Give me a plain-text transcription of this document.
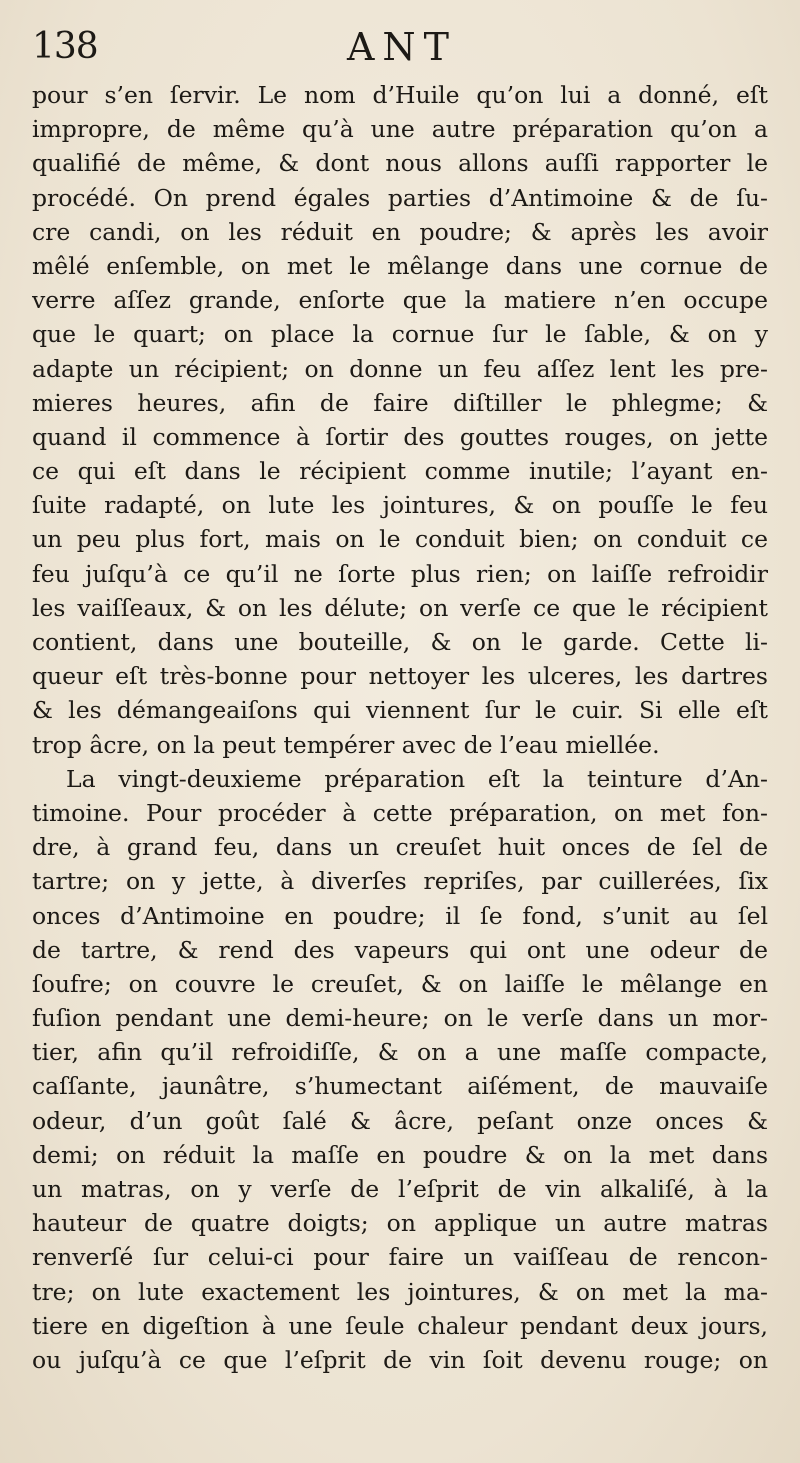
138	ANT
pour s’en ſervir. Le nom d’Huile qu’on lui a donné, eſt
impropre, de même qu’à une autre préparation qu’on a
qualifié de même, & dont nous allons auſſi rapporter le
procédé. On prend égales parties d’Antimoine & de ſu-
cre candi, on les réduit en poudre; & après les avoir
mêlé enſemble, on met le mêlange dans une cornue de
verre aſſez grande, enſorte que la matiere n’en occupe
que le quart; on place la cornue ſur le ſable, & on y
adapte un récipient; on donne un feu aſſez lent les pre-
mieres heures, afin de faire diſtiller le phlegme; &
quand il commence à ſortir des gouttes rouges, on jette
ce qui eſt dans le récipient comme inutile; l’ayant en-
ſuite radapté, on lute les jointures, & on pouſſe le feu
un peu plus fort, mais on le conduit bien; on conduit ce
feu juſqu’à ce qu’il ne ſorte plus rien; on laiſſe refroidir
les vaiſſeaux, & on les délute; on verſe ce que le récipient
contient, dans une bouteille, & on le garde. Cette li-
queur eſt très-bonne pour nettoyer les ulceres, les dartres
& les démangeaiſons qui viennent ſur le cuir. Si elle eſt
trop âcre, on la peut tempérer avec de l’eau miellée.
La vingt-deuxieme préparation eſt la teinture d’An-
timoine. Pour procéder à cette préparation, on met fon-
dre, à grand feu, dans un creuſet huit onces de ſel de
tartre; on y jette, à diverſes repriſes, par cuillerées, ſix
onces d’Antimoine en poudre; il ſe fond, s’unit au ſel
de tartre, & rend des vapeurs qui ont une odeur de
ſoufre; on couvre le creuſet, & on laiſſe le mêlange en
fuſion pendant une demi-heure; on le verſe dans un mor-
tier, afin qu’il refroidiſſe, & on a une maſſe compacte,
caſſante, jaunâtre, s’humectant aiſément, de mauvaiſe
odeur, d’un goût ſalé & âcre, peſant onze onces &
demi; on réduit la maſſe en poudre & on la met dans
un matras, on y verſe de l’eſprit de vin alkaliſé, à la
hauteur de quatre doigts; on applique un autre matras
renverſé ſur celui-ci pour faire un vaiſſeau de rencon-
tre; on lute exactement les jointures, & on met la ma-
tiere en digeſtion à une ſeule chaleur pendant deux jours,
ou juſqu’à ce que l’eſprit de vin ſoit devenu rouge; on
